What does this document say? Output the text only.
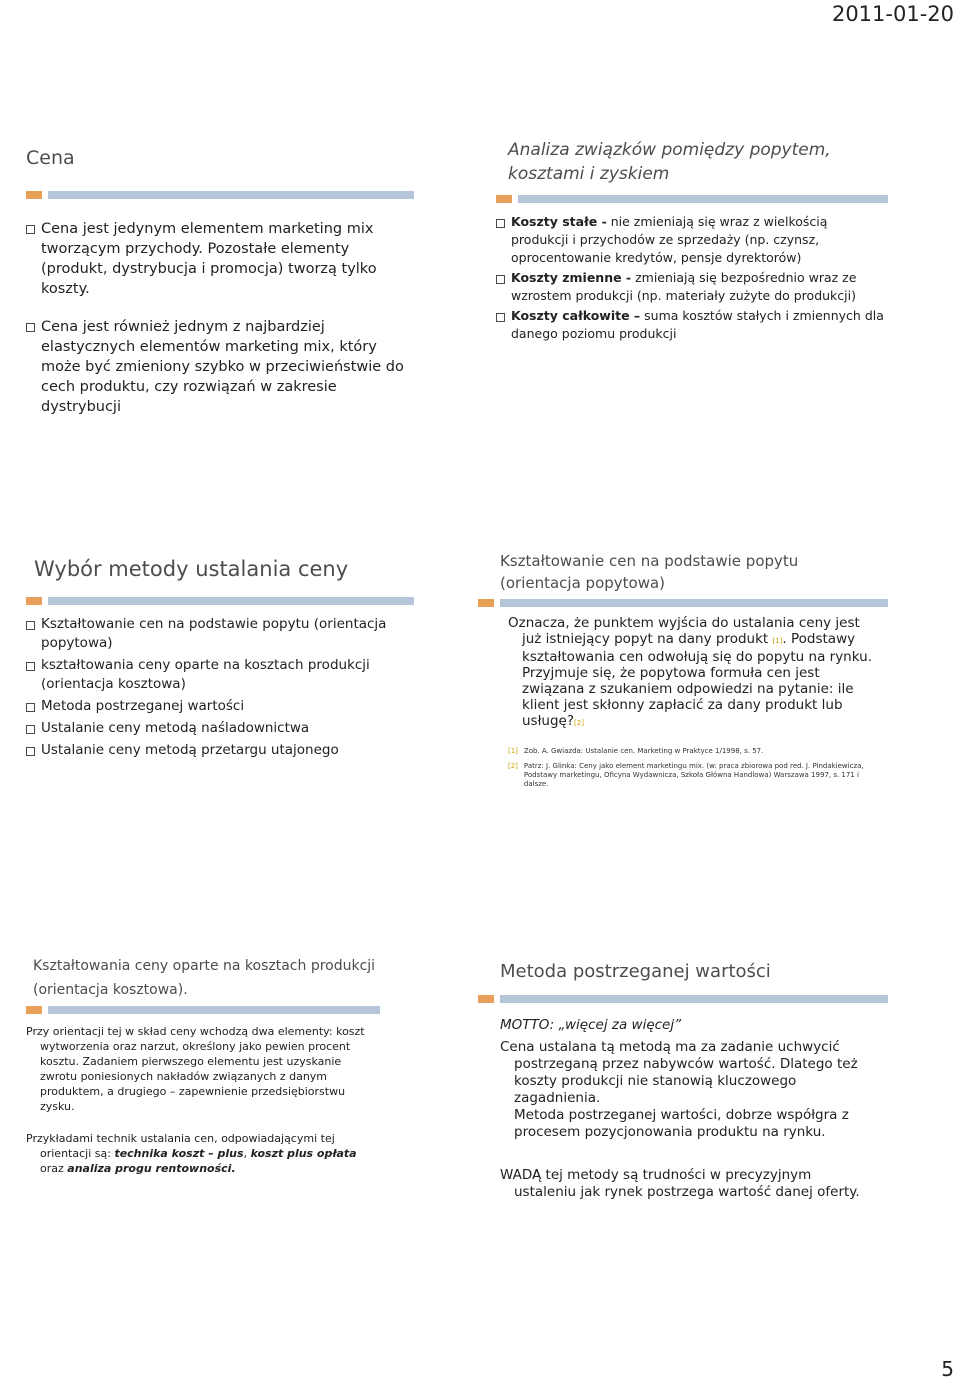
2011-01-20
Cena
Cena jest jedynym elementem marketing mix tworzącym przychody. Pozostałe elementy (produkt, dystrybucja i promocja) tworzą tylko koszty.
Cena jest również jednym z najbardziej elastycznych elementów marketing mix, który może być zmieniony szybko w przeciwieństwie do cech produktu, czy rozwiązań w zakresie dystrybucji
Analiza związków pomiędzy popytem, kosztami i zyskiem
Koszty stałe - nie zmieniają się wraz z wielkością produkcji i przychodów ze sprzedaży (np. czynsz, oprocentowanie kredytów, pensje dyrektorów)
Koszty zmienne - zmieniają się bezpośrednio wraz ze wzrostem produkcji (np. materiały zużyte do produkcji)
Koszty całkowite – suma kosztów stałych i zmiennych dla danego poziomu produkcji
Wybór metody ustalania ceny
Kształtowanie cen na podstawie popytu (orientacja popytowa)
kształtowania ceny oparte na kosztach produkcji (orientacja kosztowa)
Metoda postrzeganej wartości
Ustalanie ceny metodą naśladownictwa
Ustalanie ceny metodą przetargu utajonego
Kształtowanie cen na podstawie popytu (orientacja popytowa)

Oznacza, że punktem wyjścia do ustalania ceny jest już istniejący popyt na dany produkt [1]. Podstawy kształtowania cen odwołują się do popytu na rynku. Przyjmuje się, że popytowa formuła cen jest związana z szukaniem odpowiedzi na pytanie: ile klient jest skłonny zapłacić za dany produkt lub usługę?[2]

[1] Zob. A. Gwiazda: Ustalanie cen. Marketing w Praktyce 1/1998, s. 57.
[2] Patrz: J. Glinka: Ceny jako element marketingu mix. (w: praca zbiorowa pod red. J. Pindakiewicza, Podstawy marketingu, Oficyna Wydawnicza, Szkoła Główna Handlowa) Warszawa 1997, s. 171 i dalsze.
Kształtowania ceny oparte na kosztach produkcji
(orientacja kosztowa).

Przy orientacji tej w skład ceny wchodzą dwa elementy: koszt wytworzenia oraz narzut, określony jako pewien procent kosztu. Zadaniem pierwszego elementu jest uzyskanie zwrotu poniesionych nakładów związanych z danym produktem, a drugiego – zapewnienie przedsiębiorstwu zysku.

Przykładami technik ustalania cen, odpowiadającymi tej orientacji są: technika koszt – plus, koszt plus opłata oraz analiza progu rentowności.

Metoda postrzeganej wartości

MOTTO: „więcej za więcej”

Cena ustalana tą metodą ma za zadanie uchwycić postrzeganą przez nabywców wartość. Dlatego też koszty produkcji nie stanowią kluczowego zagadnienia.

Metoda postrzeganej wartości, dobrze współgra z procesem pozycjonowania produktu na rynku.

WADĄ tej metody są trudności w precyzyjnym ustaleniu jak rynek postrzega wartość danej oferty.

5
